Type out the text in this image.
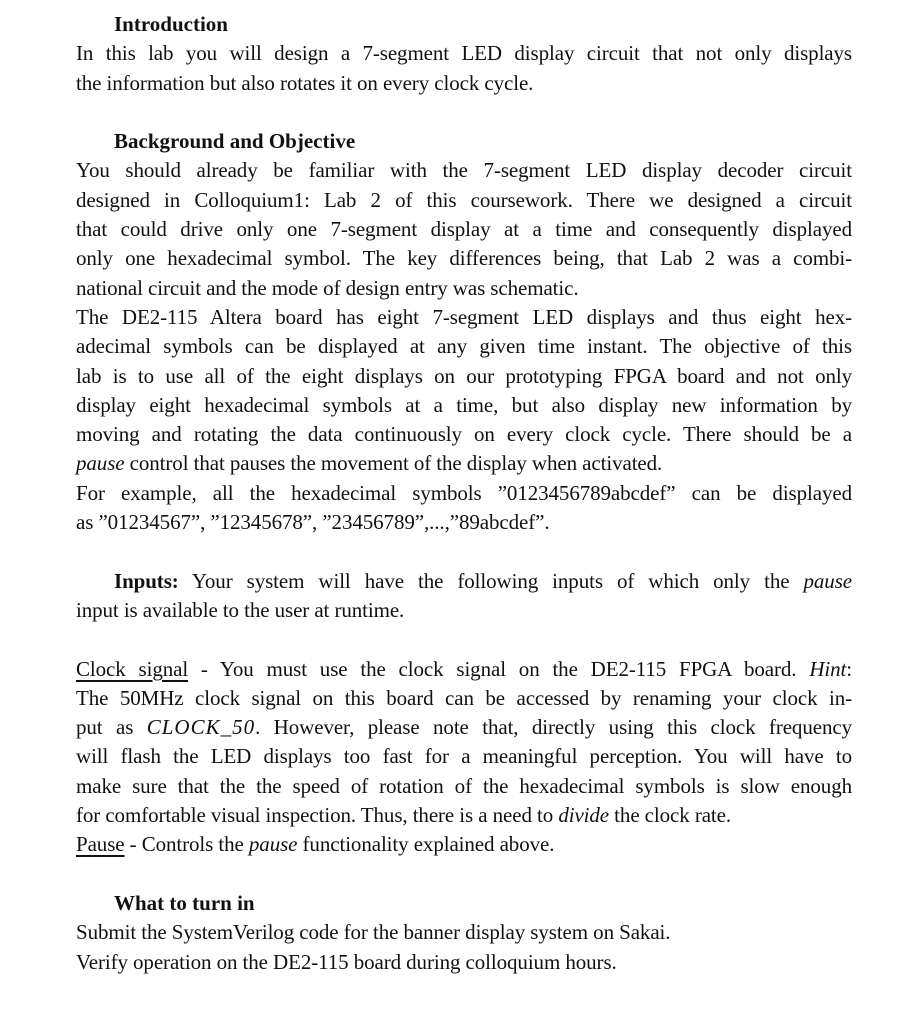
Introduction
In this lab you will design a 7-segment LED display circuit that not only displays
the information but also rotates it on every clock cycle.
Background and Objective
You should already be familiar with the 7-segment LED display decoder circuit
designed in Colloquium1: Lab 2 of this coursework. There we designed a circuit
that could drive only one 7-segment display at a time and consequently displayed
only one hexadecimal symbol. The key differences being, that Lab 2 was a combi-
national circuit and the mode of design entry was schematic.
The DE2-115 Altera board has eight 7-segment LED displays and thus eight hex-
adecimal symbols can be displayed at any given time instant. The objective of this
lab is to use all of the eight displays on our prototyping FPGA board and not only
display eight hexadecimal symbols at a time, but also display new information by
moving and rotating the data continuously on every clock cycle. There should be a
pause control that pauses the movement of the display when activated.
For example, all the hexadecimal symbols ”0123456789abcdef” can be displayed
as ”01234567”, ”12345678”, ”23456789”,...,”89abcdef”.
Inputs: Your system will have the following inputs of which only the pause
input is available to the user at runtime.
Clock signal - You must use the clock signal on the DE2-115 FPGA board. Hint:
The 50MHz clock signal on this board can be accessed by renaming your clock in-
put as CLOCK_50. However, please note that, directly using this clock frequency
will flash the LED displays too fast for a meaningful perception. You will have to
make sure that the the speed of rotation of the hexadecimal symbols is slow enough
for comfortable visual inspection. Thus, there is a need to divide the clock rate.
Pause - Controls the pause functionality explained above.
What to turn in
Submit the SystemVerilog code for the banner display system on Sakai.
Verify operation on the DE2-115 board during colloquium hours.
